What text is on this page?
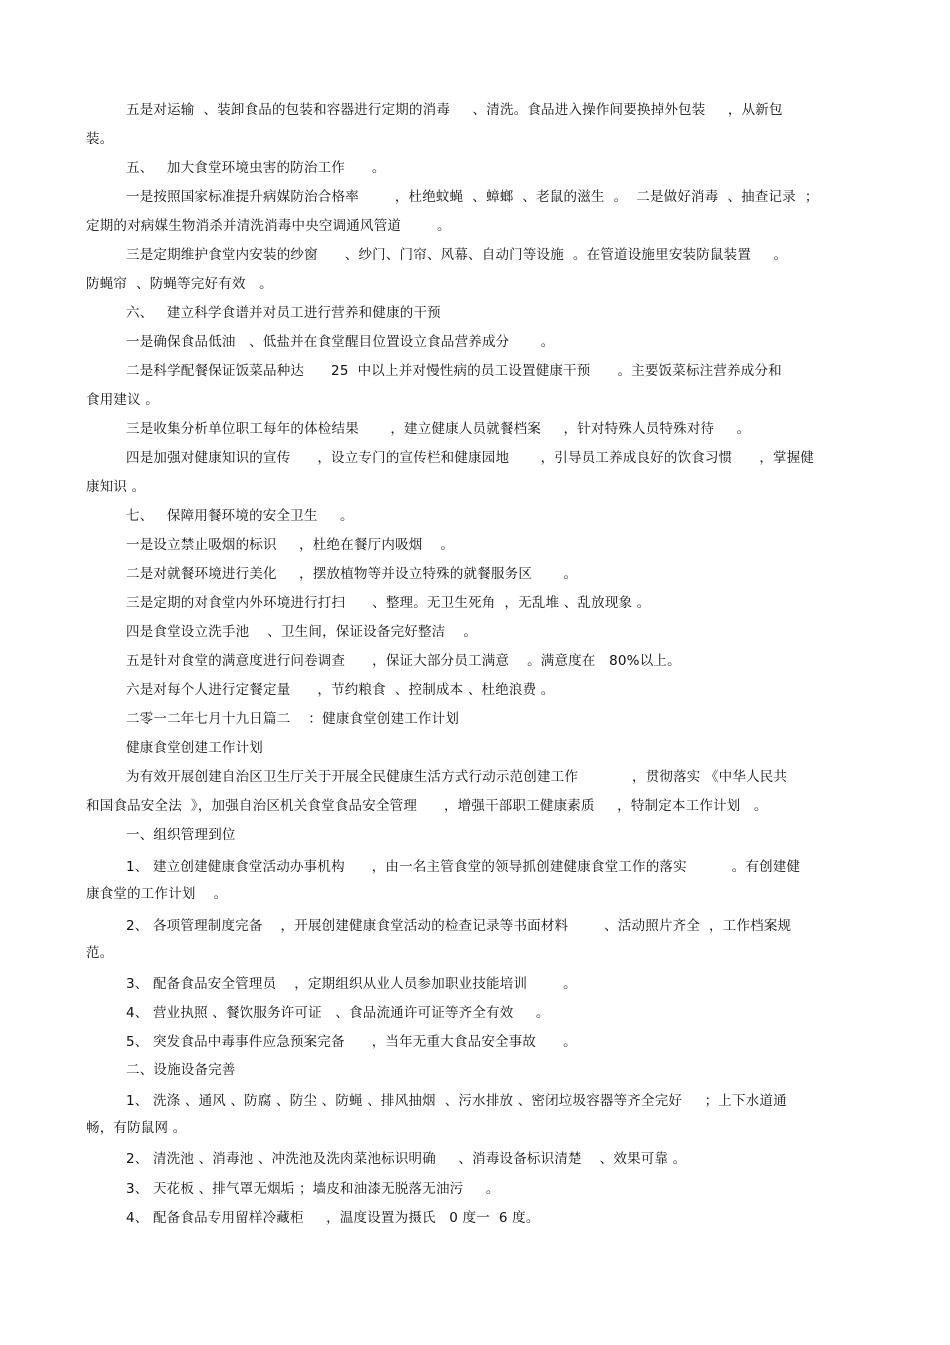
五是对运输  、装卸食品的包装和容器进行定期的消毒     、清洗。食品进入操作间要换掉外包装     ，从新包
装。
五、   加大食堂环境虫害的防治工作      。
一是按照国家标准提升病媒防治合格率        ，杜绝蚊蝇  、蟑螂  、老鼠的滋生  。  二是做好消毒  、抽查记录  ；
定期的对病媒生物消杀并清洗消毒中央空调通风管道        。
三是定期维护食堂内安装的纱窗      、纱门、门帘、风幕、自动门等设施  。在管道设施里安装防鼠装置     。
防蝇帘  、防蝇等完好有效   。
六、   建立科学食谱并对员工进行营养和健康的干预
一是确保食品低油   、低盐并在食堂醒目位置设立食品营养成分       。
二是科学配餐保证饭菜品种达      25  中以上并对慢性病的员工设置健康干预      。主要饭菜标注营养成分和
食用建议 。
三是收集分析单位职工每年的体检结果       ，建立健康人员就餐档案     ，针对特殊人员特殊对待     。
四是加强对健康知识的宣传      ，设立专门的宣传栏和健康园地       ，引导员工养成良好的饮食习惯      ，掌握健
康知识 。
七、   保障用餐环境的安全卫生     。
一是设立禁止吸烟的标识     ，杜绝在餐厅内吸烟    。
二是对就餐环境进行美化     ，摆放植物等并设立特殊的就餐服务区       。
三是定期的对食堂内外环境进行打扫      、整理。无卫生死角  ，无乱堆 、乱放现象 。
四是食堂设立洗手池    、卫生间，保证设备完好整洁    。
五是针对食堂的满意度进行问卷调查      ，保证大部分员工满意    。满意度在   80%以上。
六是对每个人进行定餐定量      ，节约粮食  、控制成本 、杜绝浪费 。
二零一二年七月十九日篇二    ：健康食堂创建工作计划
健康食堂创建工作计划
为有效开展创建自治区卫生厅关于开展全民健康生活方式行动示范创建工作            ，贯彻落实 《中华人民共
和国食品安全法  》，加强自治区机关食堂食品安全管理      ，增强干部职工健康素质     ，特制定本工作计划   。
一、组织管理到位
1、 建立创建健康食堂活动办事机构      ，由一名主管食堂的领导抓创建健康食堂工作的落实          。有创建健
康食堂的工作计划    。
2、 各项管理制度完备    ，开展创建健康食堂活动的检查记录等书面材料        、活动照片齐全  ，工作档案规
范。
3、 配备食品安全管理员    ，定期组织从业人员参加职业技能培训        。
4、 营业执照 、餐饮服务许可证   、食品流通许可证等齐全有效     。
5、 突发食品中毒事件应急预案完备      ，当年无重大食品安全事故      。
二、设施设备完善
1、 洗涤 、通风 、防腐 、防尘 、防蝇 、排风抽烟  、污水排放 、密闭垃圾容器等齐全完好     ；上下水道通
畅，有防鼠网 。
2、 清洗池 、消毒池 、冲洗池及洗肉菜池标识明确     、消毒设备标识清楚    、效果可靠 。
3、 天花板 、排气罩无烟垢 ；墙皮和油漆无脱落无油污     。
4、 配备食品专用留样冷藏柜     ，温度设置为摄氏   0 度一  6 度。
